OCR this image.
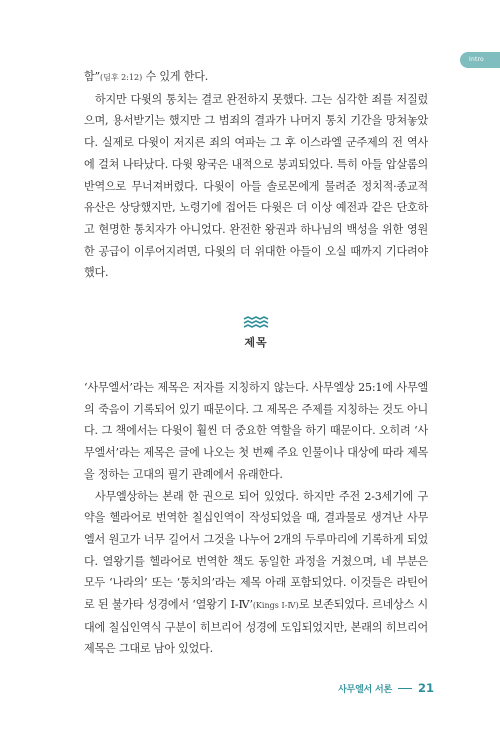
Intro

함”(딤후 2:12) 수 있게 한다.

하지만 다윗의 통치는 결코 완전하지 못했다. 그는 심각한 죄를 저질렀으며, 용서받기는 했지만 그 범죄의 결과가 나머지 통치 기간을 망쳐놓았다. 실제로 다윗이 저지른 죄의 여파는 그 후 이스라엘 군주제의 전 역사에 걸쳐 나타났다. 다윗 왕국은 내적으로 붕괴되었다. 특히 아들 압살롬의 반역으로 무너져버렸다. 다윗이 아들 솔로몬에게 물려준 정치적·종교적 유산은 상당했지만, 노령기에 접어든 다윗은 더 이상 예전과 같은 단호하고 현명한 통치자가 아니었다. 완전한 왕권과 하나님의 백성을 위한 영원한 공급이 이루어지려면, 다윗의 더 위대한 아들이 오실 때까지 기다려야 했다.

제목

‘사무엘서’라는 제목은 저자를 지칭하지 않는다. 사무엘상 25:1에 사무엘의 죽음이 기록되어 있기 때문이다. 그 제목은 주제를 지칭하는 것도 아니다. 그 책에서는 다윗이 훨씬 더 중요한 역할을 하기 때문이다. 오히려 ‘사무엘서’라는 제목은 글에 나오는 첫 번째 주요 인물이나 대상에 따라 제목을 정하는 고대의 필기 관례에서 유래한다.

사무엘상하는 본래 한 권으로 되어 있었다. 하지만 주전 2-3세기에 구약을 헬라어로 번역한 칠십인역이 작성되었을 때, 결과물로 생겨난 사무엘서 원고가 너무 길어서 그것을 나누어 2개의 두루마리에 기록하게 되었다. 열왕기를 헬라어로 번역한 책도 동일한 과정을 거쳤으며, 네 부분은 모두 ‘나라의’ 또는 ‘통치의’라는 제목 아래 포함되었다. 이것들은 라틴어로 된 불가타 성경에서 ‘열왕기 Ⅰ-Ⅳ’(Kings Ⅰ-Ⅳ)로 보존되었다. 르네상스 시대에 칠십인역식 구분이 히브리어 성경에 도입되었지만, 본래의 히브리어 제목은 그대로 남아 있었다.

사무엘서 서론 21
